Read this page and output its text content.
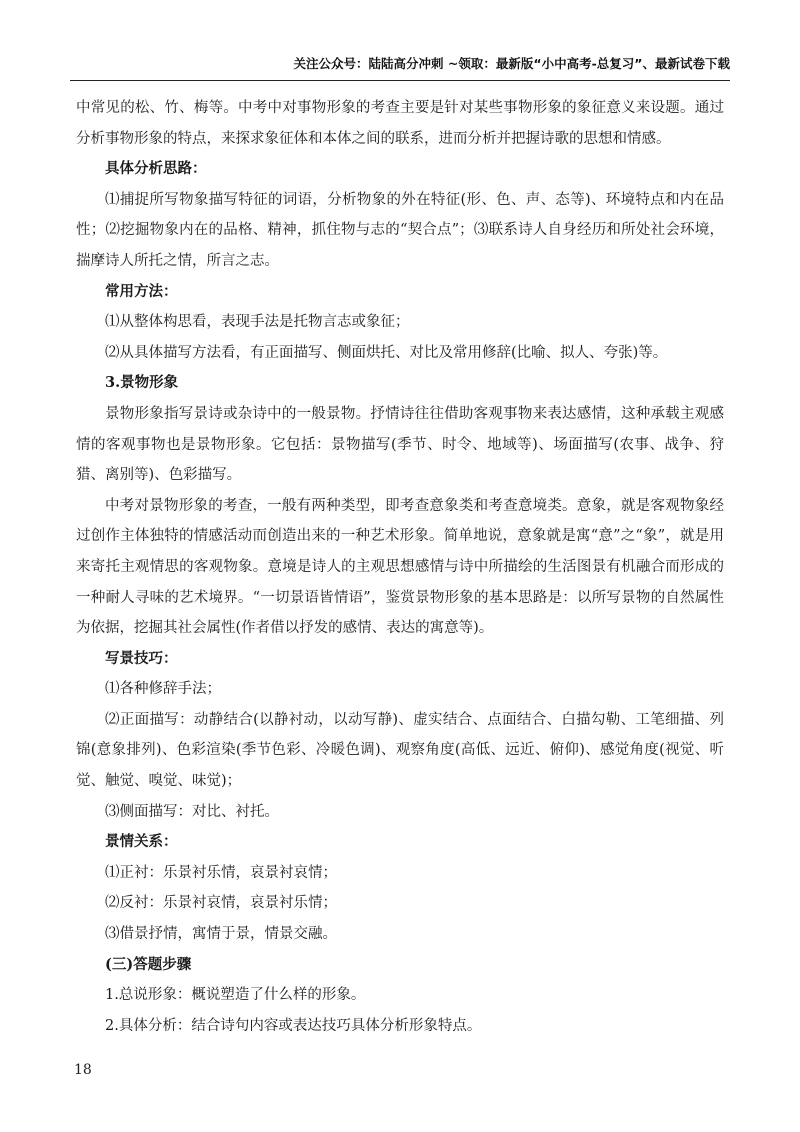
关注公众号：陆陆高分冲刺 ~领取：最新版“小中高考-总复习”、最新试卷下载

中常见的松、竹、梅等。中考中对事物形象的考查主要是针对某些事物形象的象征意义来设题。通过分析事物形象的特点，来探求象征体和本体之间的联系，进而分析并把握诗歌的思想和情感。

具体分析思路：

⑴捕捉所写物象描写特征的词语，分析物象的外在特征(形、色、声、态等)、环境特点和内在品性；⑵挖掘物象内在的品格、精神，抓住物与志的“契合点”；⑶联系诗人自身经历和所处社会环境，揣摩诗人所托之情，所言之志。

常用方法：

⑴从整体构思看，表现手法是托物言志或象征；

⑵从具体描写方法看，有正面描写、侧面烘托、对比及常用修辞(比喻、拟人、夸张)等。

3.景物形象

景物形象指写景诗或杂诗中的一般景物。抒情诗往往借助客观事物来表达感情，这种承载主观感情的客观事物也是景物形象。它包括：景物描写(季节、时令、地域等)、场面描写(农事、战争、狩猎、离别等)、色彩描写。

中考对景物形象的考查，一般有两种类型，即考查意象类和考查意境类。意象，就是客观物象经过创作主体独特的情感活动而创造出来的一种艺术形象。简单地说，意象就是寓“意”之“象”，就是用来寄托主观情思的客观物象。意境是诗人的主观思想感情与诗中所描绘的生活图景有机融合而形成的一种耐人寻味的艺术境界。“一切景语皆情语”，鉴赏景物形象的基本思路是：以所写景物的自然属性为依据，挖掘其社会属性(作者借以抒发的感情、表达的寓意等)。

写景技巧：

⑴各种修辞手法；

⑵正面描写：动静结合(以静衬动，以动写静)、虚实结合、点面结合、白描勾勒、工笔细描、列锦(意象排列)、色彩渲染(季节色彩、冷暖色调)、观察角度(高低、远近、俯仰)、感觉角度(视觉、听觉、触觉、嗅觉、味觉)；

⑶侧面描写：对比、衬托。

景情关系：

⑴正衬：乐景衬乐情，哀景衬哀情；

⑵反衬：乐景衬哀情，哀景衬乐情；

⑶借景抒情，寓情于景，情景交融。

(三)答题步骤

1.总说形象：概说塑造了什么样的形象。

2.具体分析：结合诗句内容或表达技巧具体分析形象特点。

18
